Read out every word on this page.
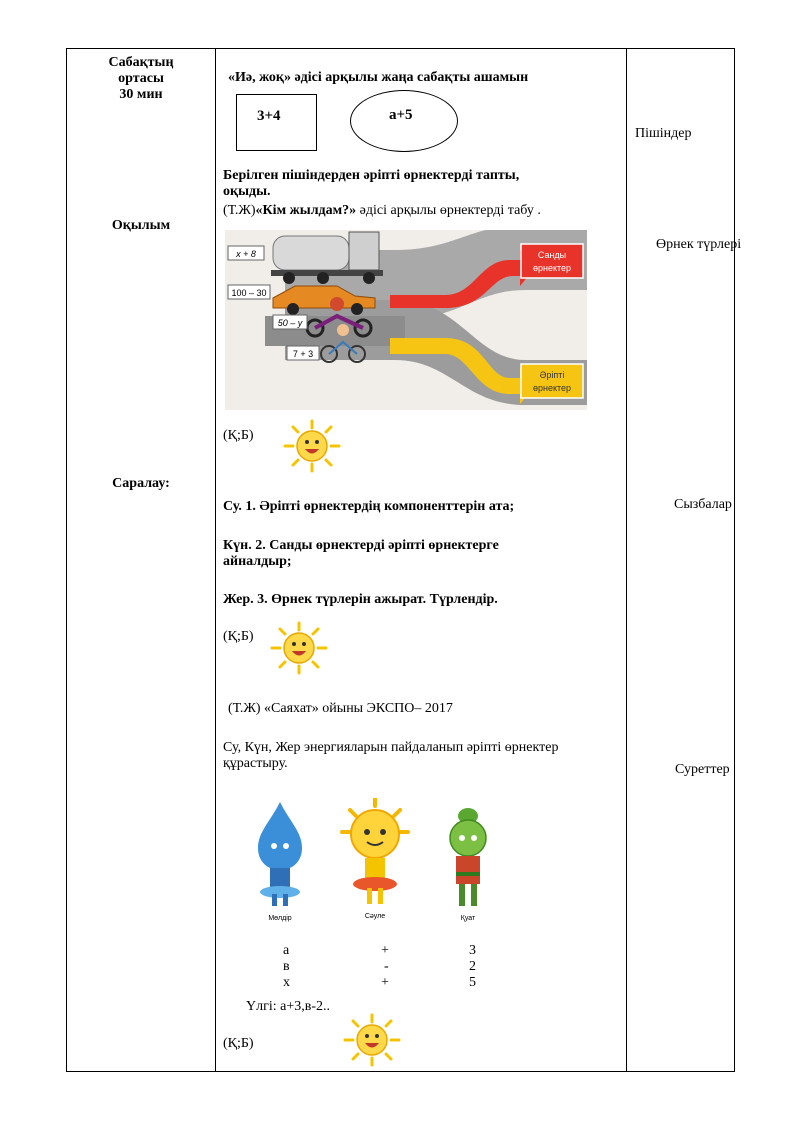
Сабақтың
ортасы
30 мин
Оқылым
Саралау:
Пішіндер
Өрнек түрлері
Сызбалар
Суреттер
«Иә, жоқ» әдісі арқылы жаңа сабақты ашамын
3+4	a+5
Берілген пішіндерден әріпті өрнектерді тапты,
оқыды.
(Т.Ж)«Кім жылдам?» әдісі арқылы өрнектерді табу .
Санды
өрнектер
Әріпті
өрнектер
x + 8
100 – 30
50 – y
7 + 3
(Қ;Б)
Су. 1. Әріпті өрнектердің компоненттерін ата;
Күн. 2. Санды өрнектерді әріпті өрнектерге
айналдыр;
Жер. 3. Өрнек түрлерін ажырат. Түрлендір.
(Қ;Б)
(Т.Ж) «Саяхат» ойыны ЭКСПО– 2017
Су, Күн, Жер энергияларын пайдаланып әріпті өрнектер
құрастыру.
Мөлдір	Сәуле	Қуат
a	+	3
в	-	2
x	+	5
Үлгі: а+3,в-2..
(Қ;Б)
